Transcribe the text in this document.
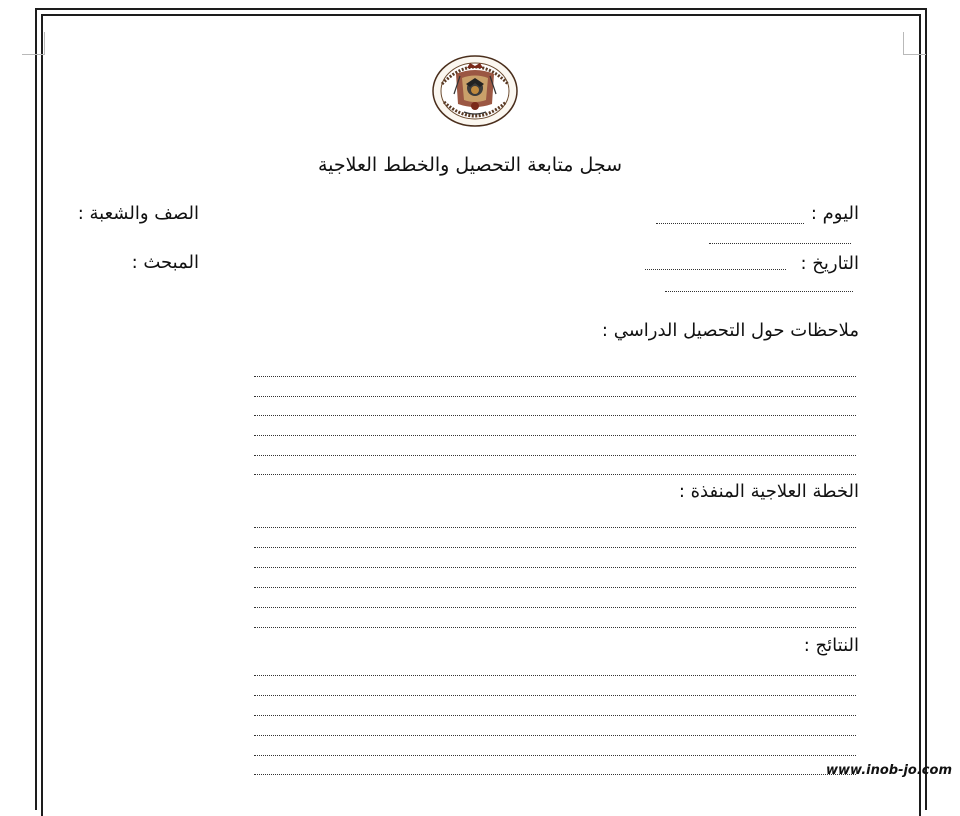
سجل متابعة التحصيل والخطط العلاجية
اليوم :
التاريخ :
الصف والشعبة :
المبحث :
ملاحظات حول التحصيل الدراسي :
الخطة العلاجية المنفذة :
النتائج :
www.inob-jo.com
